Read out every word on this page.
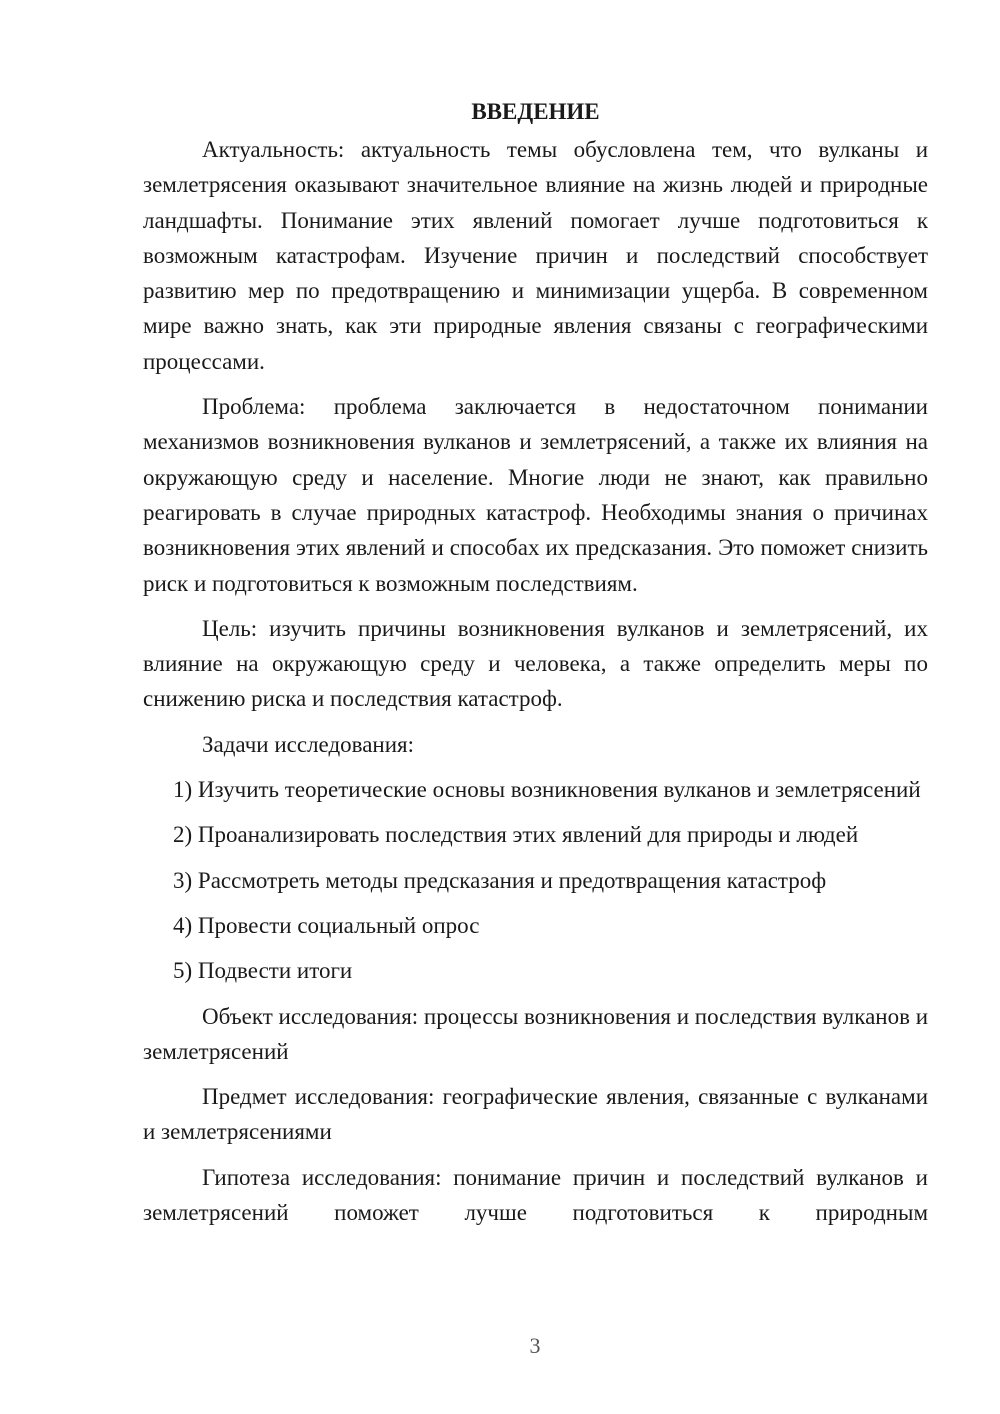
ВВЕДЕНИЕ

Актуальность: актуальность темы обусловлена тем, что вулканы и землетрясения оказывают значительное влияние на жизнь людей и природные ландшафты. Понимание этих явлений помогает лучше подготовиться к возможным катастрофам. Изучение причин и последствий способствует развитию мер по предотвращению и минимизации ущерба. В современном мире важно знать, как эти природные явления связаны с географическими процессами.

Проблема: проблема заключается в недостаточном понимании механизмов возникновения вулканов и землетрясений, а также их влияния на окружающую среду и население. Многие люди не знают, как правильно реагировать в случае природных катастроф. Необходимы знания о причинах возникновения этих явлений и способах их предсказания. Это поможет снизить риск и подготовиться к возможным последствиям.

Цель: изучить причины возникновения вулканов и землетрясений, их влияние на окружающую среду и человека, а также определить меры по снижению риска и последствия катастроф.

Задачи исследования:

1) Изучить теоретические основы возникновения вулканов и землетрясений

2) Проанализировать последствия этих явлений для природы и людей

3) Рассмотреть методы предсказания и предотвращения катастроф

4) Провести социальный опрос

5) Подвести итоги

Объект исследования: процессы возникновения и последствия вулканов и землетрясений

Предмет исследования: географические явления, связанные с вулканами и землетрясениями

Гипотеза исследования: понимание причин и последствий вулканов и землетрясений поможет лучше подготовиться к природным

3
